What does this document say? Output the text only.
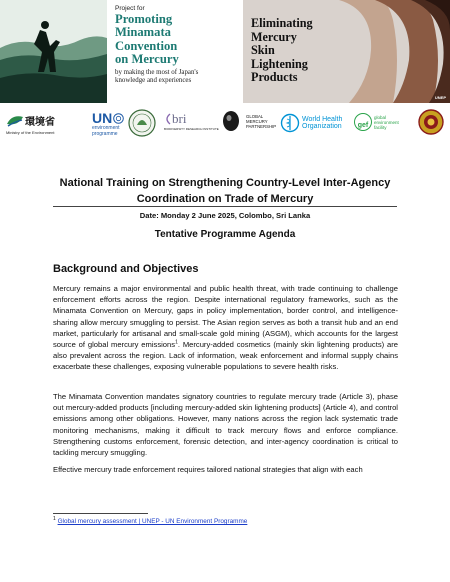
Project for
Promoting
Minamata
Convention
on Mercury
by making the most of Japan's
knowledge and experiences
Eliminating
Mercury
Skin
Lightening
Products
UNEP
環境省
Ministry of the Environment
UN
environment
programme
bri
BIODIVERSITY RESEARCH INSTITUTE
GLOBAL
MERCURY
PARTNERSHIP
World Health
Organization	gef
global
environment
facility
National Training on Strengthening Country-Level Inter-Agency Coordination on Trade of Mercury
Date: Monday 2 June 2025, Colombo, Sri Lanka
Tentative Programme Agenda
Background and Objectives

Mercury remains a major environmental and public health threat, with trade continuing to challenge enforcement efforts across the region. Despite international regulatory frameworks, such as the Minamata Convention on Mercury, gaps in policy implementation, border control, and intelligence-sharing allow mercury smuggling to persist. The Asian region serves as both a transit hub and an end market, particularly for artisanal and small-scale gold mining (ASGM), which accounts for the largest source of global mercury emissions$^1$. Mercury-added cosmetics (mainly skin lightening products) are also prevalent across the region. Lack of information, weak enforcement and informal supply chains exacerbate these challenges, exposing vulnerable populations to severe health risks.

The Minamata Convention mandates signatory countries to regulate mercury trade (Article 3), phase out mercury-added products [including mercury-added skin lightening products] (Article 4), and control emissions among other obligations. However, many nations across the region lack systematic trade monitoring mechanisms, making it difficult to track mercury flows and enforce compliance. Strengthening customs enforcement, forensic detection, and inter-agency coordination is critical to tackling mercury smuggling.

Effective mercury trade enforcement requires tailored national strategies that align with each

$^1$ Global mercury assessment | UNEP - UN Environment Programme
